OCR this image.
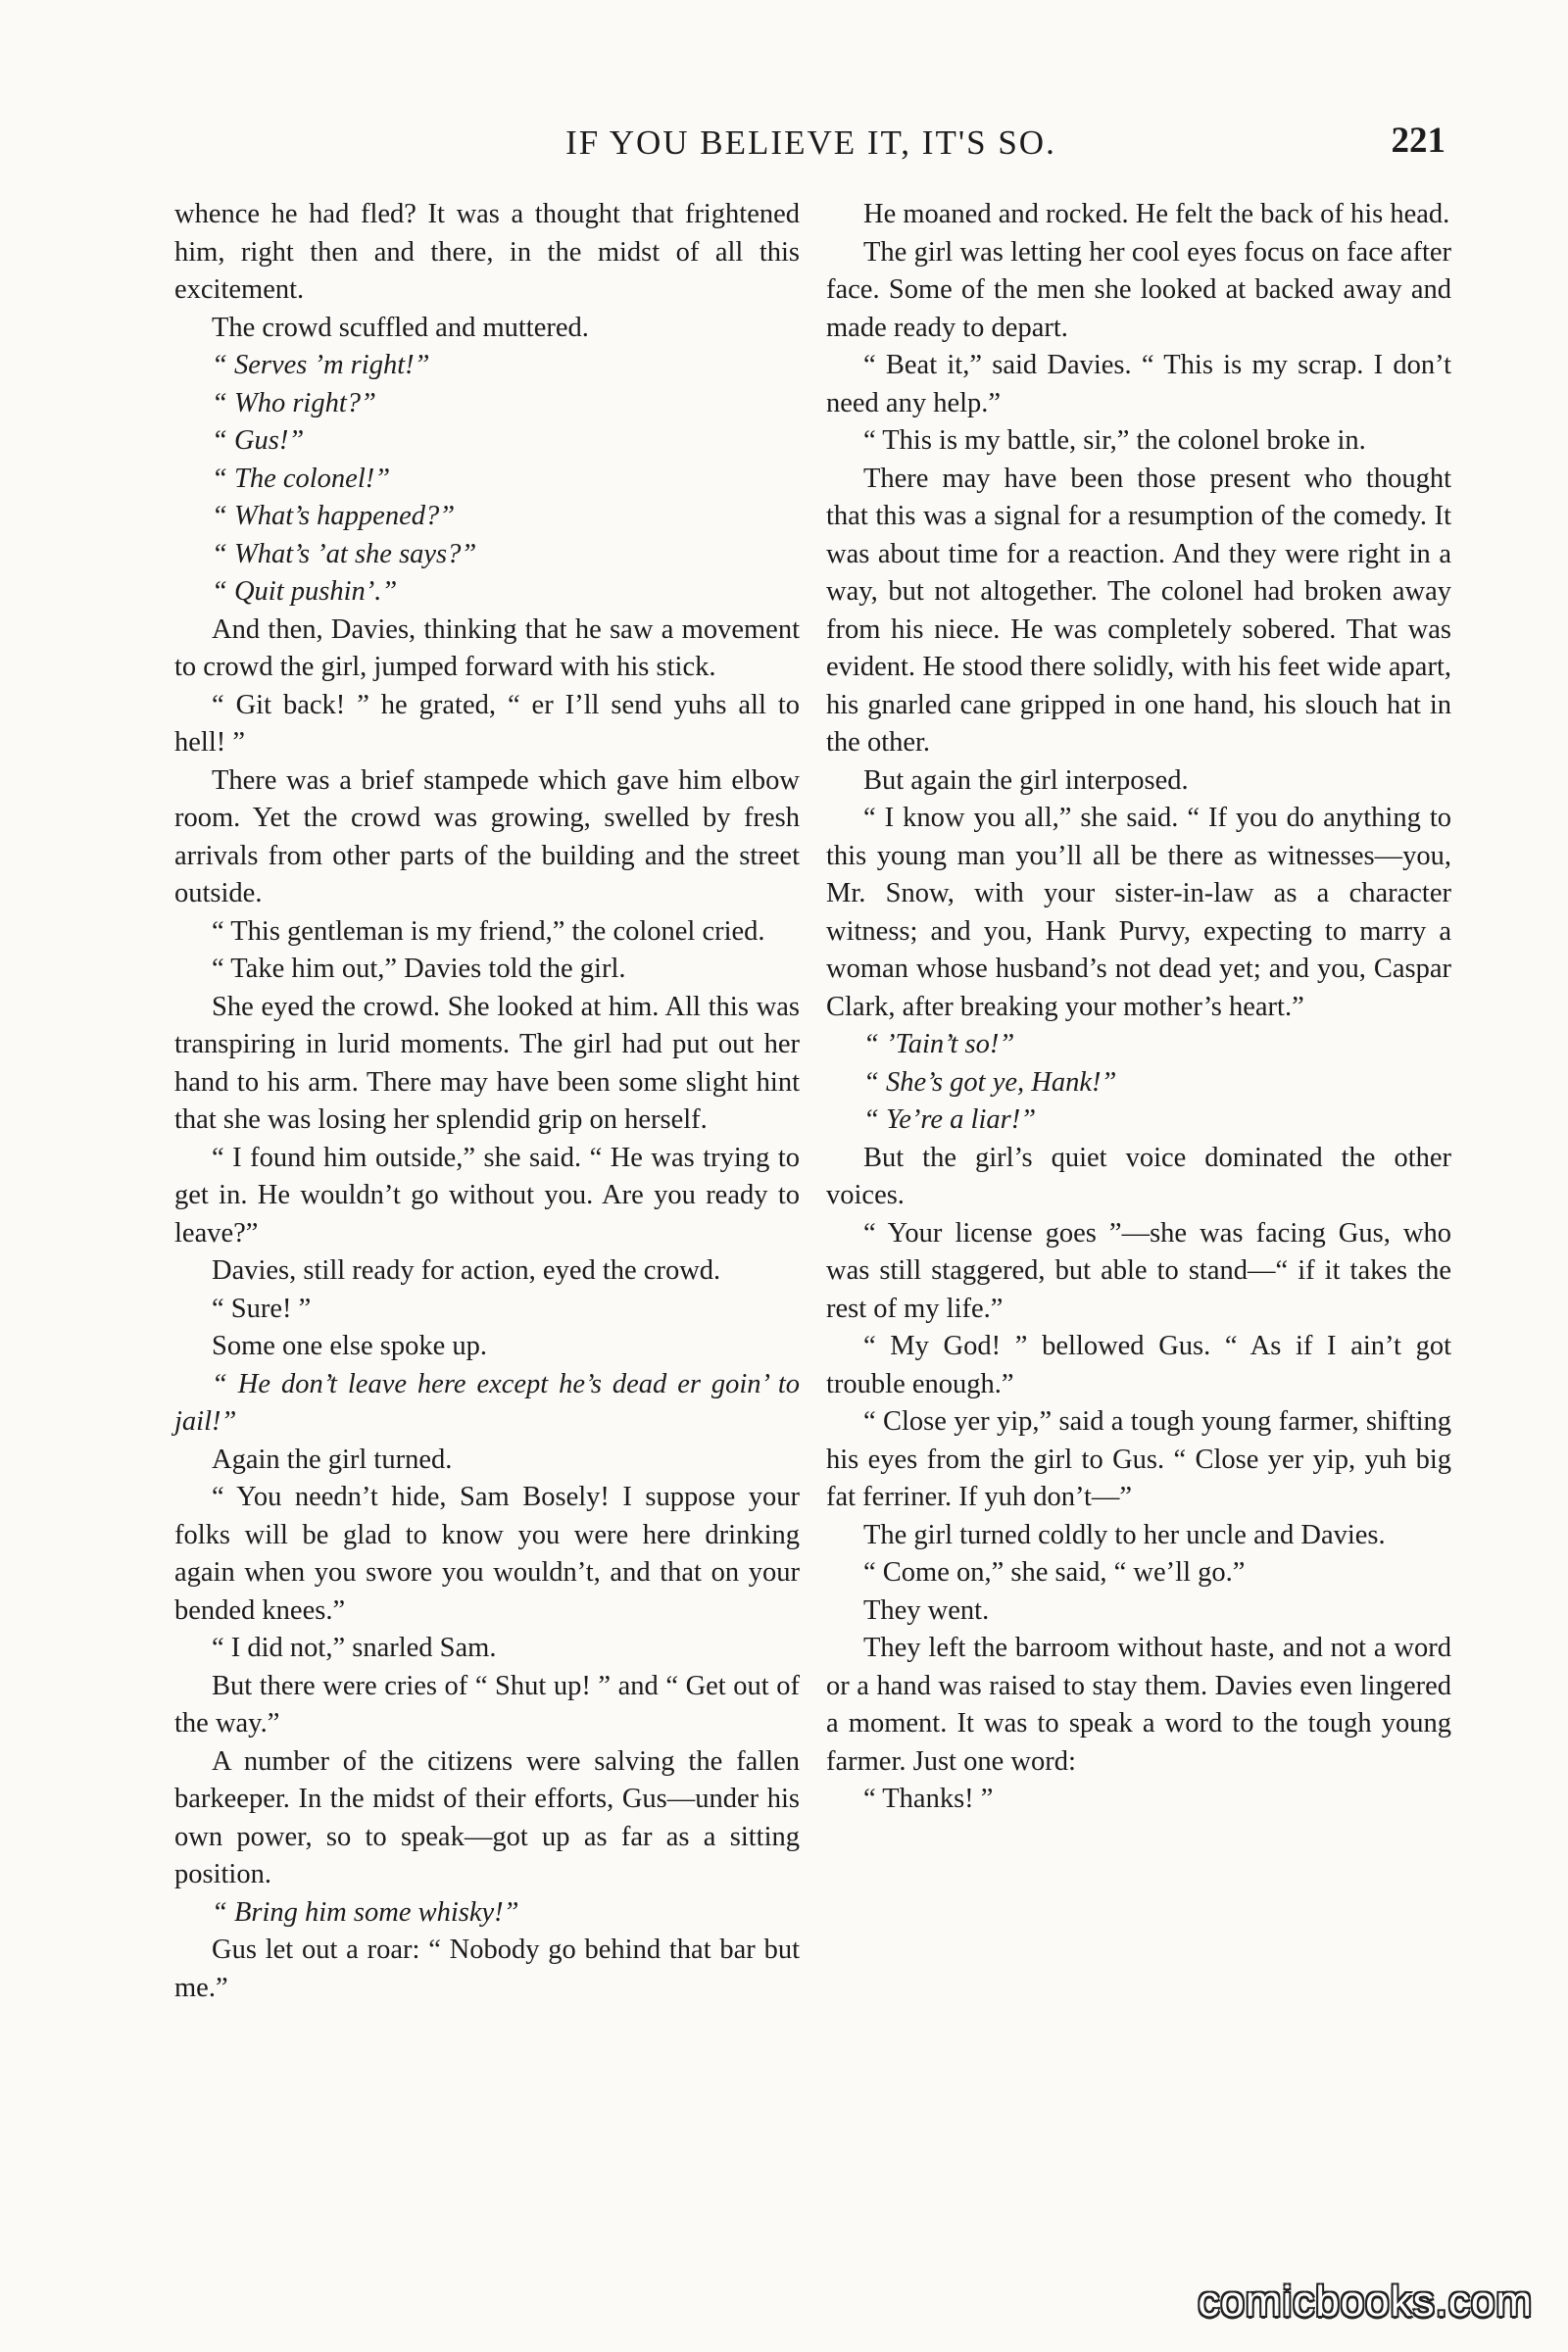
IF YOU BELIEVE IT, IT'S SO.	221

whence he had fled? It was a thought that frightened him, right then and there, in the midst of all this excitement.

The crowd scuffled and muttered.

“ Serves ’m right!”

“ Who right?”

“ Gus!”

“ The colonel!”

“ What’s happened?”

“ What’s ’at she says?”

“ Quit pushin’.”

And then, Davies, thinking that he saw a movement to crowd the girl, jumped forward with his stick.

“ Git back! ” he grated, “ er I’ll send yuhs all to hell! ”

There was a brief stampede which gave him elbow room. Yet the crowd was growing, swelled by fresh arrivals from other parts of the building and the street outside.

“ This gentleman is my friend,” the colonel cried.

“ Take him out,” Davies told the girl.

She eyed the crowd. She looked at him. All this was transpiring in lurid moments. The girl had put out her hand to his arm. There may have been some slight hint that she was losing her splendid grip on herself.

“ I found him outside,” she said. “ He was trying to get in. He wouldn’t go without you. Are you ready to leave?”

Davies, still ready for action, eyed the crowd.

“ Sure! ”

Some one else spoke up.

“ He don’t leave here except he’s dead er goin’ to jail!”

Again the girl turned.

“ You needn’t hide, Sam Bosely! I suppose your folks will be glad to know you were here drinking again when you swore you wouldn’t, and that on your bended knees.”

“ I did not,” snarled Sam.

But there were cries of “ Shut up! ” and “ Get out of the way.”

A number of the citizens were salving the fallen barkeeper. In the midst of their efforts, Gus—under his own power, so to speak—got up as far as a sitting position.

“ Bring him some whisky!”

Gus let out a roar: “ Nobody go behind that bar but me.”

He moaned and rocked. He felt the back of his head.

The girl was letting her cool eyes focus on face after face. Some of the men she looked at backed away and made ready to depart.

“ Beat it,” said Davies. “ This is my scrap. I don’t need any help.”

“ This is my battle, sir,” the colonel broke in.

There may have been those present who thought that this was a signal for a resumption of the comedy. It was about time for a reaction. And they were right in a way, but not altogether. The colonel had broken away from his niece. He was completely sobered. That was evident. He stood there solidly, with his feet wide apart, his gnarled cane gripped in one hand, his slouch hat in the other.

But again the girl interposed.

“ I know you all,” she said. “ If you do anything to this young man you’ll all be there as witnesses—you, Mr. Snow, with your sister-in-law as a character witness; and you, Hank Purvy, expecting to marry a woman whose husband’s not dead yet; and you, Caspar Clark, after breaking your mother’s heart.”

“ ’Tain’t so!”

“ She’s got ye, Hank!”

“ Ye’re a liar!”

But the girl’s quiet voice dominated the other voices.

“ Your license goes ”—she was facing Gus, who was still staggered, but able to stand—“ if it takes the rest of my life.”

“ My God! ” bellowed Gus. “ As if I ain’t got trouble enough.”

“ Close yer yip,” said a tough young farmer, shifting his eyes from the girl to Gus. “ Close yer yip, yuh big fat ferriner. If yuh don’t—”

The girl turned coldly to her uncle and Davies.

“ Come on,” she said, “ we’ll go.”

They went.

They left the barroom without haste, and not a word or a hand was raised to stay them. Davies even lingered a moment. It was to speak a word to the tough young farmer. Just one word:

“ Thanks! ”

comicbooks.com
